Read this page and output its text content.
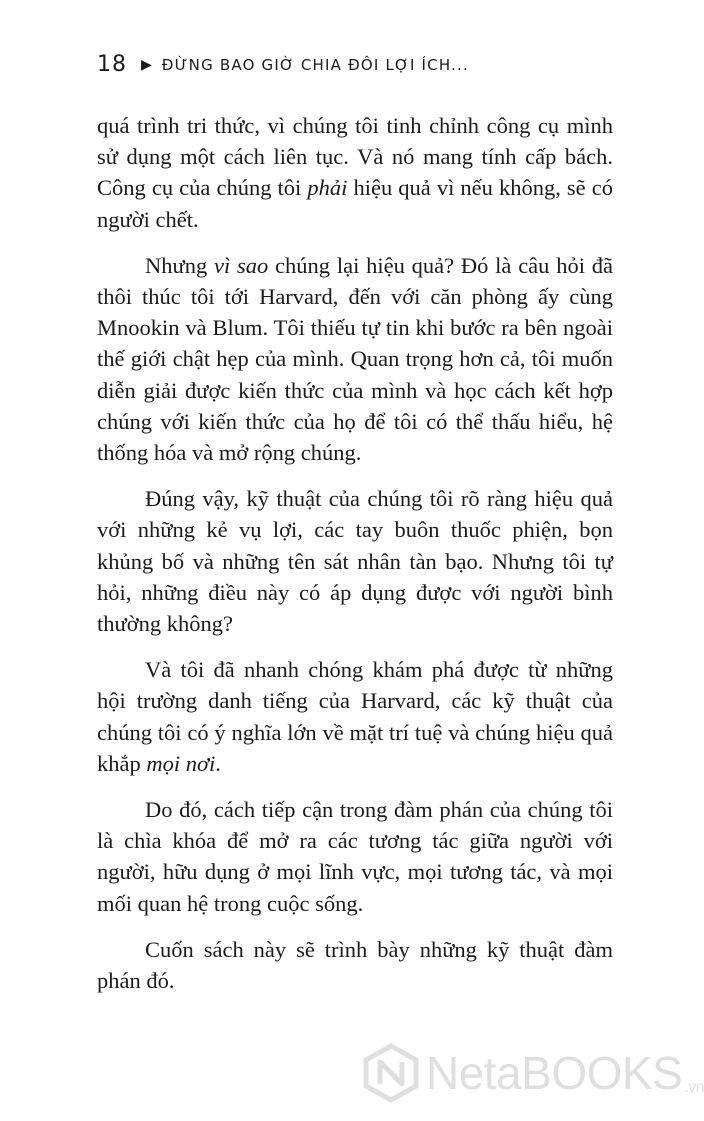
18 ▶ ĐỪNG BAO GIỜ CHIA ĐÔI LỢI ÍCH...

quá trình tri thức, vì chúng tôi tinh chỉnh công cụ mình sử dụng một cách liên tục. Và nó mang tính cấp bách. Công cụ của chúng tôi phải hiệu quả vì nếu không, sẽ có người chết.

Nhưng vì sao chúng lại hiệu quả? Đó là câu hỏi đã thôi thúc tôi tới Harvard, đến với căn phòng ấy cùng Mnookin và Blum. Tôi thiếu tự tin khi bước ra bên ngoài thế giới chật hẹp của mình. Quan trọng hơn cả, tôi muốn diễn giải được kiến thức của mình và học cách kết hợp chúng với kiến thức của họ để tôi có thể thấu hiểu, hệ thống hóa và mở rộng chúng.

Đúng vậy, kỹ thuật của chúng tôi rõ ràng hiệu quả với những kẻ vụ lợi, các tay buôn thuốc phiện, bọn khủng bố và những tên sát nhân tàn bạo. Nhưng tôi tự hỏi, những điều này có áp dụng được với người bình thường không?

Và tôi đã nhanh chóng khám phá được từ những hội trường danh tiếng của Harvard, các kỹ thuật của chúng tôi có ý nghĩa lớn về mặt trí tuệ và chúng hiệu quả khắp mọi nơi.

Do đó, cách tiếp cận trong đàm phán của chúng tôi là chìa khóa để mở ra các tương tác giữa người với người, hữu dụng ở mọi lĩnh vực, mọi tương tác, và mọi mối quan hệ trong cuộc sống.

Cuốn sách này sẽ trình bày những kỹ thuật đàm phán đó.

NetaBOOKS .vn
